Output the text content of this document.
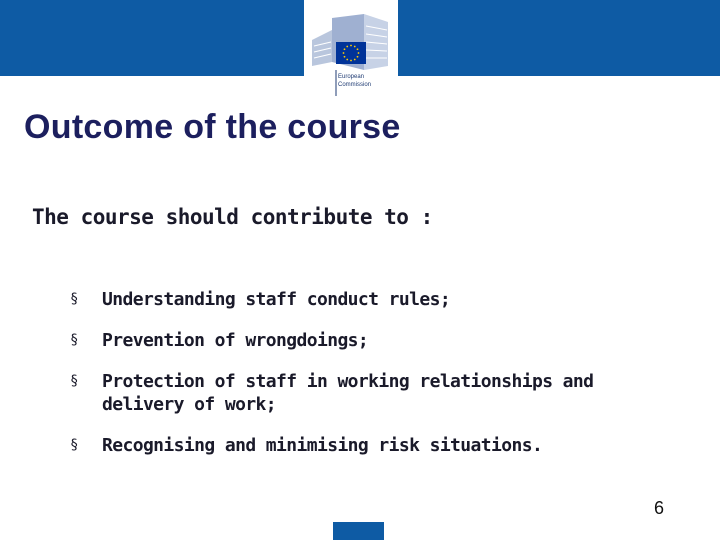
European
Commission
Outcome of the course

The course should contribute to :

§ Understanding staff conduct rules;
§ Prevention of wrongdoings;
§ Protection of staff in working relationships and delivery of work;
§ Recognising and minimising risk situations.
6
